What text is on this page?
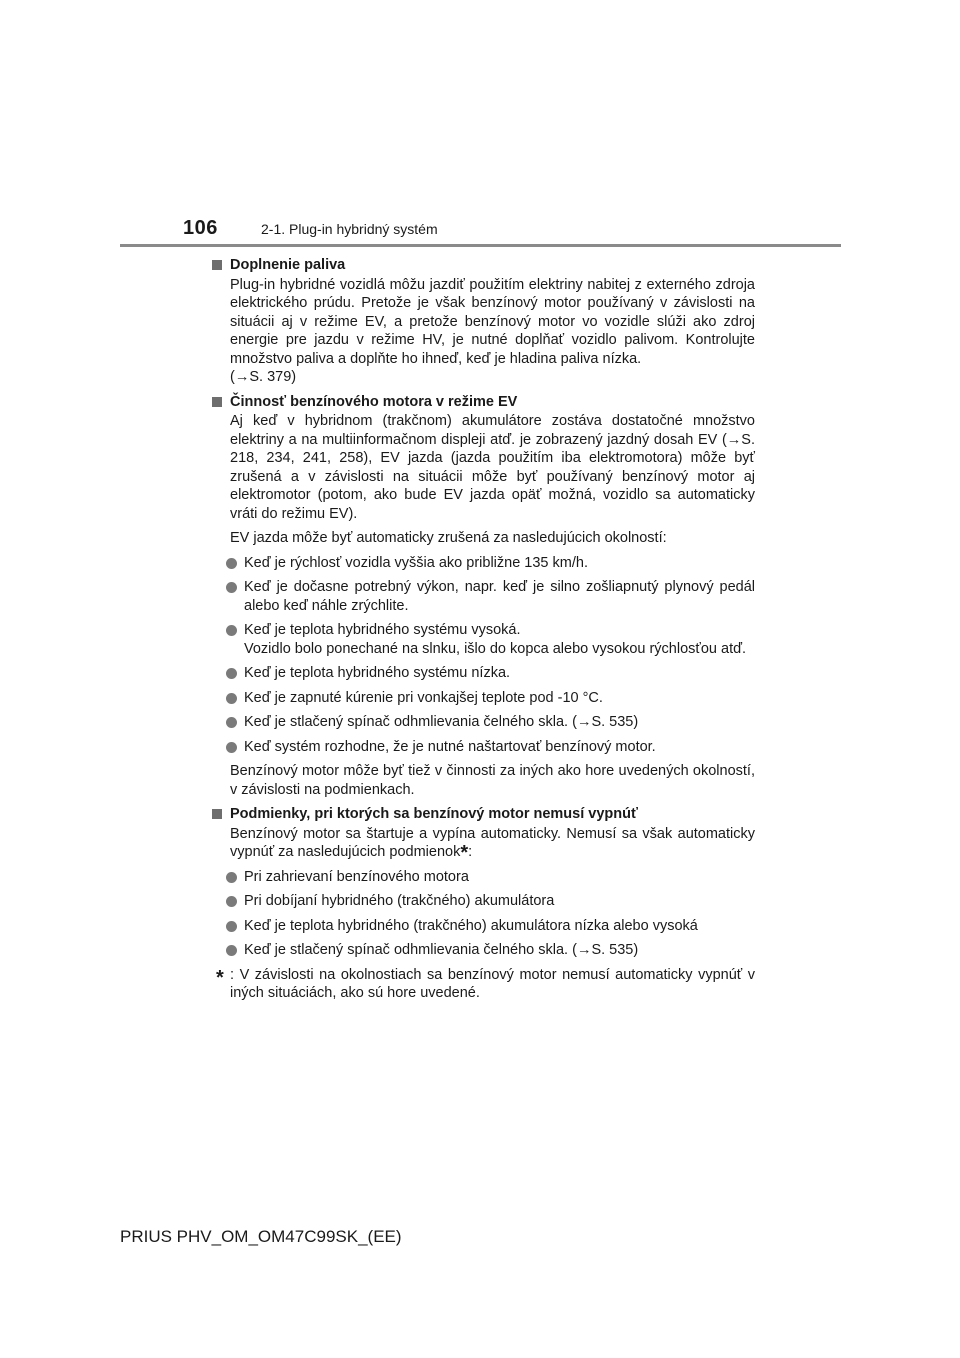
106	2-1. Plug-in hybridný systém
Doplnenie paliva
Plug-in hybridné vozidlá môžu jazdiť použitím elektriny nabitej z externého zdroja elektrického prúdu. Pretože je však benzínový motor používaný v závislosti na situácii aj v režime EV, a pretože benzínový motor vo vozidle slúži ako zdroj energie pre jazdu v režime HV, je nutné doplňať vozidlo palivom. Kontrolujte množstvo paliva a doplňte ho ihneď, keď je hladina paliva nízka.
(→S. 379)
Činnosť benzínového motora v režime EV
Aj keď v hybridnom (trakčnom) akumulátore zostáva dostatočné množstvo elektriny a na multiinformačnom displeji atď. je zobrazený jazdný dosah EV (→S. 218, 234, 241, 258), EV jazda (jazda použitím iba elektromotora) môže byť zrušená a v závislosti na situácii môže byť používaný benzínový motor aj elektromotor (potom, ako bude EV jazda opäť možná, vozidlo sa automaticky vráti do režimu EV).
EV jazda môže byť automaticky zrušená za nasledujúcich okolností:
Keď je rýchlosť vozidla vyššia ako približne 135 km/h.
Keď je dočasne potrebný výkon, napr. keď je silno zošliapnutý plynový pedál alebo keď náhle zrýchlite.
Keď je teplota hybridného systému vysoká.
Vozidlo bolo ponechané na slnku, išlo do kopca alebo vysokou rýchlosťou atď.
Keď je teplota hybridného systému nízka.
Keď je zapnuté kúrenie pri vonkajšej teplote pod -10 °C.
Keď je stlačený spínač odhmlievania čelného skla. (→S. 535)
Keď systém rozhodne, že je nutné naštartovať benzínový motor.
Benzínový motor môže byť tiež v činnosti za iných ako hore uvedených okolností, v závislosti na podmienkach.
Podmienky, pri ktorých sa benzínový motor nemusí vypnúť
Benzínový motor sa štartuje a vypína automaticky. Nemusí sa však automaticky vypnúť za nasledujúcich podmienok*:
Pri zahrievaní benzínového motora
Pri dobíjaní hybridného (trakčného) akumulátora
Keď je teplota hybridného (trakčného) akumulátora nízka alebo vysoká
Keď je stlačený spínač odhmlievania čelného skla. (→S. 535)
* : V závislosti na okolnostiach sa benzínový motor nemusí automaticky vypnúť v iných situáciách, ako sú hore uvedené.
PRIUS PHV_OM_OM47C99SK_(EE)
